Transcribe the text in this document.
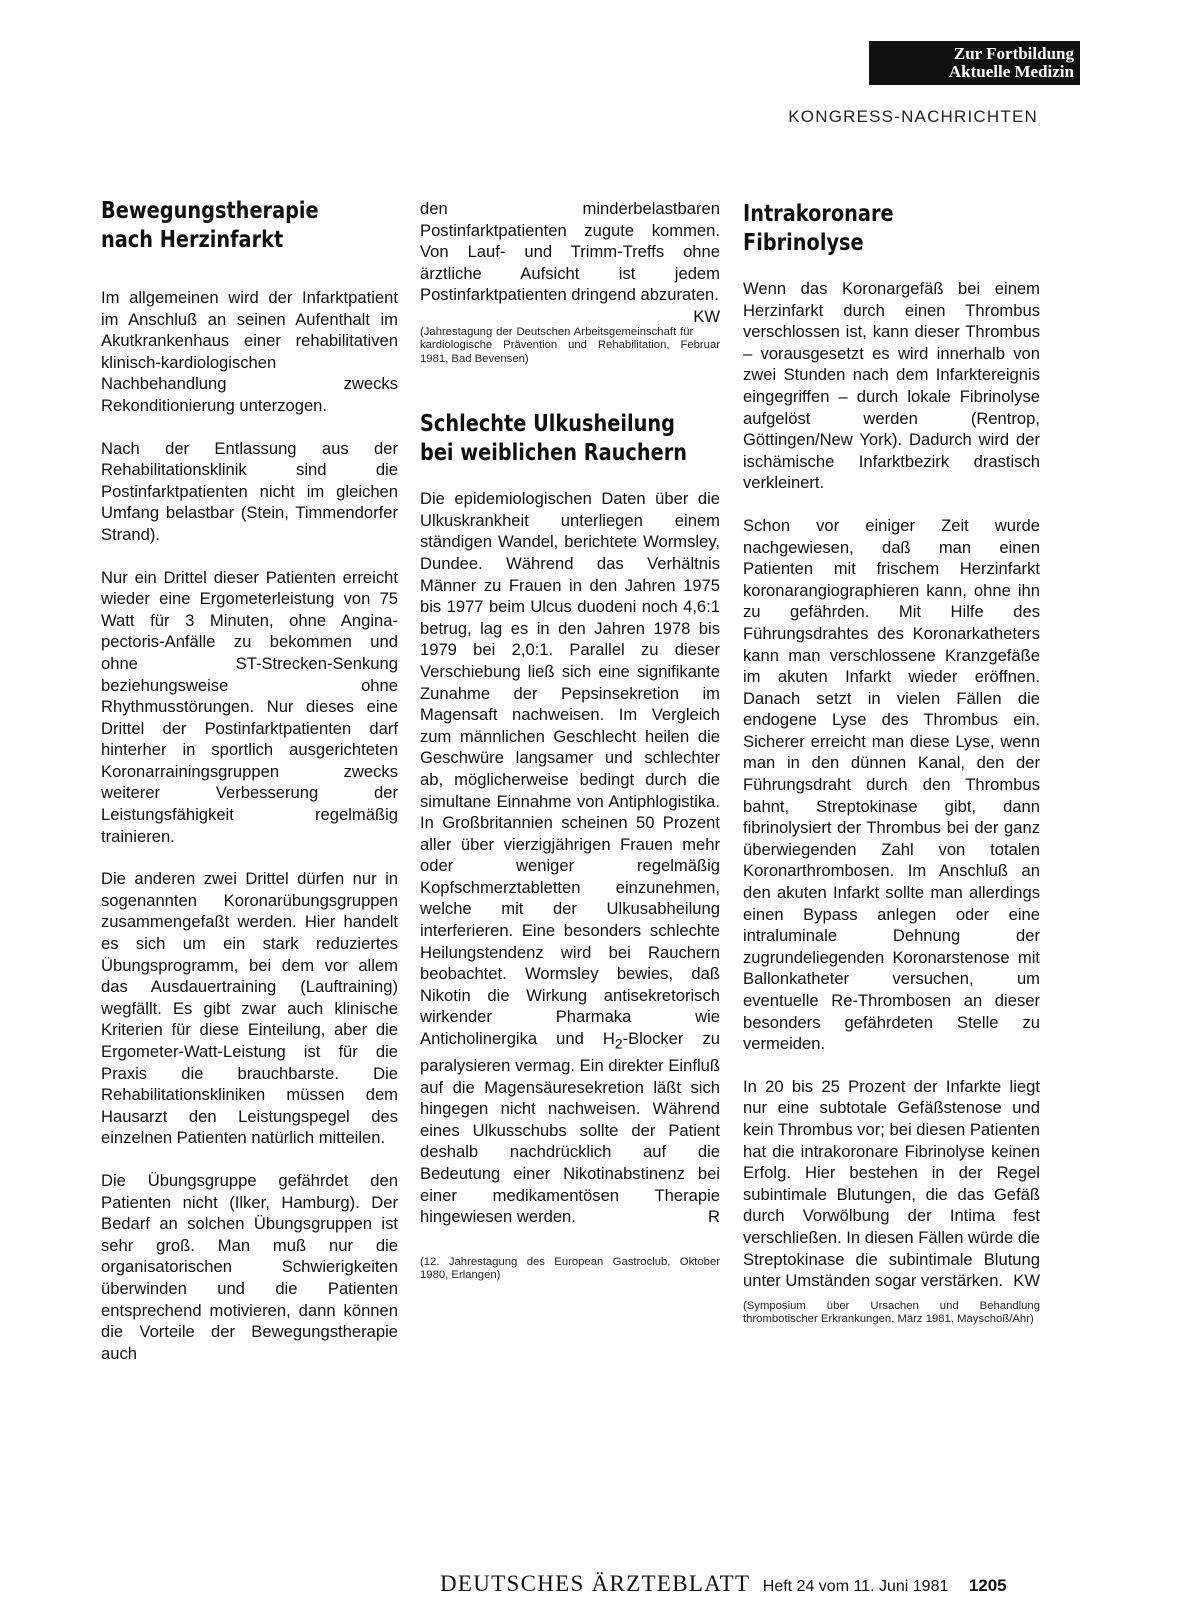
Zur Fortbildung
Aktuelle Medizin
KONGRESS-NACHRICHTEN
Bewegungstherapie
nach Herzinfarkt

Im allgemeinen wird der Infarktpatient im Anschluß an seinen Aufenthalt im Akutkrankenhaus einer rehabilitativen klinisch-kardiologischen Nachbehandlung zwecks Rekonditionierung unterzogen.

Nach der Entlassung aus der Rehabilitationsklinik sind die Postinfarktpatienten nicht im gleichen Umfang belastbar (Stein, Timmendorfer Strand).

Nur ein Drittel dieser Patienten erreicht wieder eine Ergometerleistung von 75 Watt für 3 Minuten, ohne Angina-pectoris-Anfälle zu bekommen und ohne ST-Strecken-Senkung beziehungsweise ohne Rhythmusstörungen. Nur dieses eine Drittel der Postinfarktpatienten darf hinterher in sportlich ausgerichteten Koronarrainingsgruppen zwecks weiterer Verbesserung der Leistungsfähigkeit regelmäßig trainieren.

Die anderen zwei Drittel dürfen nur in sogenannten Koronarübungsgruppen zusammengefaßt werden. Hier handelt es sich um ein stark reduziertes Übungsprogramm, bei dem vor allem das Ausdauertraining (Lauftraining) wegfällt. Es gibt zwar auch klinische Kriterien für diese Einteilung, aber die Ergometer-Watt-Leistung ist für die Praxis die brauchbarste. Die Rehabilitationskliniken müssen dem Hausarzt den Leistungspegel des einzelnen Patienten natürlich mitteilen.

Die Übungsgruppe gefährdet den Patienten nicht (Ilker, Hamburg). Der Bedarf an solchen Übungsgruppen ist sehr groß. Man muß nur die organisatorischen Schwierigkeiten überwinden und die Patienten entsprechend motivieren, dann können die Vorteile der Bewegungstherapie auch

den minderbelastbaren Postinfarktpatienten zugute kommen. Von Lauf- und Trimm-Treffs ohne ärztliche Aufsicht ist jedem Postinfarktpatienten dringend abzuraten.
KW

(Jahrestagung der Deutschen Arbeitsgemeinschaft für kardiologische Prävention und Rehabilitation, Februar 1981, Bad Bevensen)

Schlechte Ulkusheilung
bei weiblichen Rauchern

Die epidemiologischen Daten über die Ulkuskrankheit unterliegen einem ständigen Wandel, berichtete Wormsley, Dundee. Während das Verhältnis Männer zu Frauen in den Jahren 1975 bis 1977 beim Ulcus duodeni noch 4,6:1 betrug, lag es in den Jahren 1978 bis 1979 bei 2,0:1. Parallel zu dieser Verschiebung ließ sich eine signifikante Zunahme der Pepsinsekretion im Magensaft nachweisen. Im Vergleich zum männlichen Geschlecht heilen die Geschwüre langsamer und schlechter ab, möglicherweise bedingt durch die simultane Einnahme von Antiphlogistika. In Großbritannien scheinen 50 Prozent aller über vierzigjährigen Frauen mehr oder weniger regelmäßig Kopfschmerztabletten einzunehmen, welche mit der Ulkusabheilung interferieren. Eine besonders schlechte Heilungstendenz wird bei Rauchern beobachtet. Wormsley bewies, daß Nikotin die Wirkung antisekretorisch wirkender Pharmaka wie Anticholinergika und $H_2$-Blocker zu paralysieren vermag. Ein direkter Einfluß auf die Magensäuresekretion läßt sich hingegen nicht nachweisen. Während eines Ulkusschubs sollte der Patient deshalb nachdrücklich auf die Bedeutung einer Nikotinabstinenz bei einer medikamentösen Therapie hingewiesen werden.	R

(12. Jahrestagung des European Gastroclub, Oktober 1980, Erlangen)

Intrakoronare
Fibrinolyse

Wenn das Koronargefäß bei einem Herzinfarkt durch einen Thrombus verschlossen ist, kann dieser Thrombus – vorausgesetzt es wird innerhalb von zwei Stunden nach dem Infarktereignis eingegriffen – durch lokale Fibrinolyse aufgelöst werden (Rentrop, Göttingen/New York). Dadurch wird der ischämische Infarktbezirk drastisch verkleinert.

Schon vor einiger Zeit wurde nachgewiesen, daß man einen Patienten mit frischem Herzinfarkt koronarangiographieren kann, ohne ihn zu gefährden. Mit Hilfe des Führungsdrahtes des Koronarkatheters kann man verschlossene Kranzgefäße im akuten Infarkt wieder eröffnen. Danach setzt in vielen Fällen die endogene Lyse des Thrombus ein. Sicherer erreicht man diese Lyse, wenn man in den dünnen Kanal, den der Führungsdraht durch den Thrombus bahnt, Streptokinase gibt, dann fibrinolysiert der Thrombus bei der ganz überwiegenden Zahl von totalen Koronarthrombosen. Im Anschluß an den akuten Infarkt sollte man allerdings einen Bypass anlegen oder eine intraluminale Dehnung der zugrundeliegenden Koronarstenose mit Ballonkatheter versuchen, um eventuelle Re-Thrombosen an dieser besonders gefährdeten Stelle zu vermeiden.

In 20 bis 25 Prozent der Infarkte liegt nur eine subtotale Gefäßstenose und kein Thrombus vor; bei diesen Patienten hat die intrakoronare Fibrinolyse keinen Erfolg. Hier bestehen in der Regel subintimale Blutungen, die das Gefäß durch Vorwölbung der Intima fest verschließen. In diesen Fällen würde die Streptokinase die subintimale Blutung unter Umständen sogar verstärken. KW

(Symposium über Ursachen und Behandlung thrombotischer Erkrankungen, März 1981, Mayschoß/Ahr)

DEUTSCHES ÄRZTEBLATT Heft 24 vom 11. Juni 1981 1205
